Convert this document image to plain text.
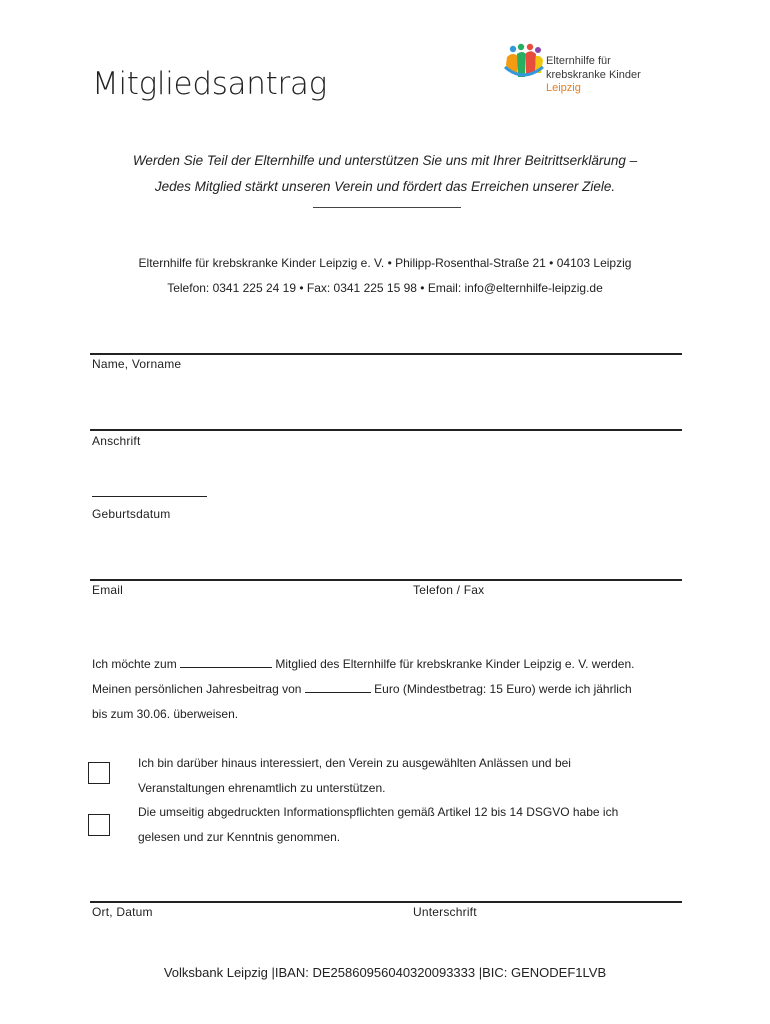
Mitgliedsantrag
Elternhilfe für
krebskranke Kinder
Leipzig
Werden Sie Teil der Elternhilfe und unterstützen Sie uns mit Ihrer Beitrittserklärung –
Jedes Mitglied stärkt unseren Verein und fördert das Erreichen unserer Ziele.
Elternhilfe für krebskranke Kinder Leipzig e. V. • Philipp-Rosenthal-Straße 21 • 04103 Leipzig
Telefon: 0341 225 24 19 • Fax: 0341 225 15 98 • Email: info@elternhilfe-leipzig.de
Name, Vorname
Anschrift
Geburtsdatum
Email	Telefon / Fax
Ich möchte zum	Mitglied des Elternhilfe für krebskranke Kinder Leipzig e. V. werden.
Meinen persönlichen Jahresbeitrag von	Euro (Mindestbetrag: 15 Euro) werde ich jährlich
bis zum 30.06. überweisen.
Ich bin darüber hinaus interessiert, den Verein zu ausgewählten Anlässen und bei
Veranstaltungen ehrenamtlich zu unterstützen.
Die umseitig abgedruckten Informationspflichten gemäß Artikel 12 bis 14 DSGVO habe ich
gelesen und zur Kenntnis genommen.
Ort, Datum	Unterschrift
Volksbank Leipzig |IBAN: DE25860956040320093333 |BIC: GENODEF1LVB
